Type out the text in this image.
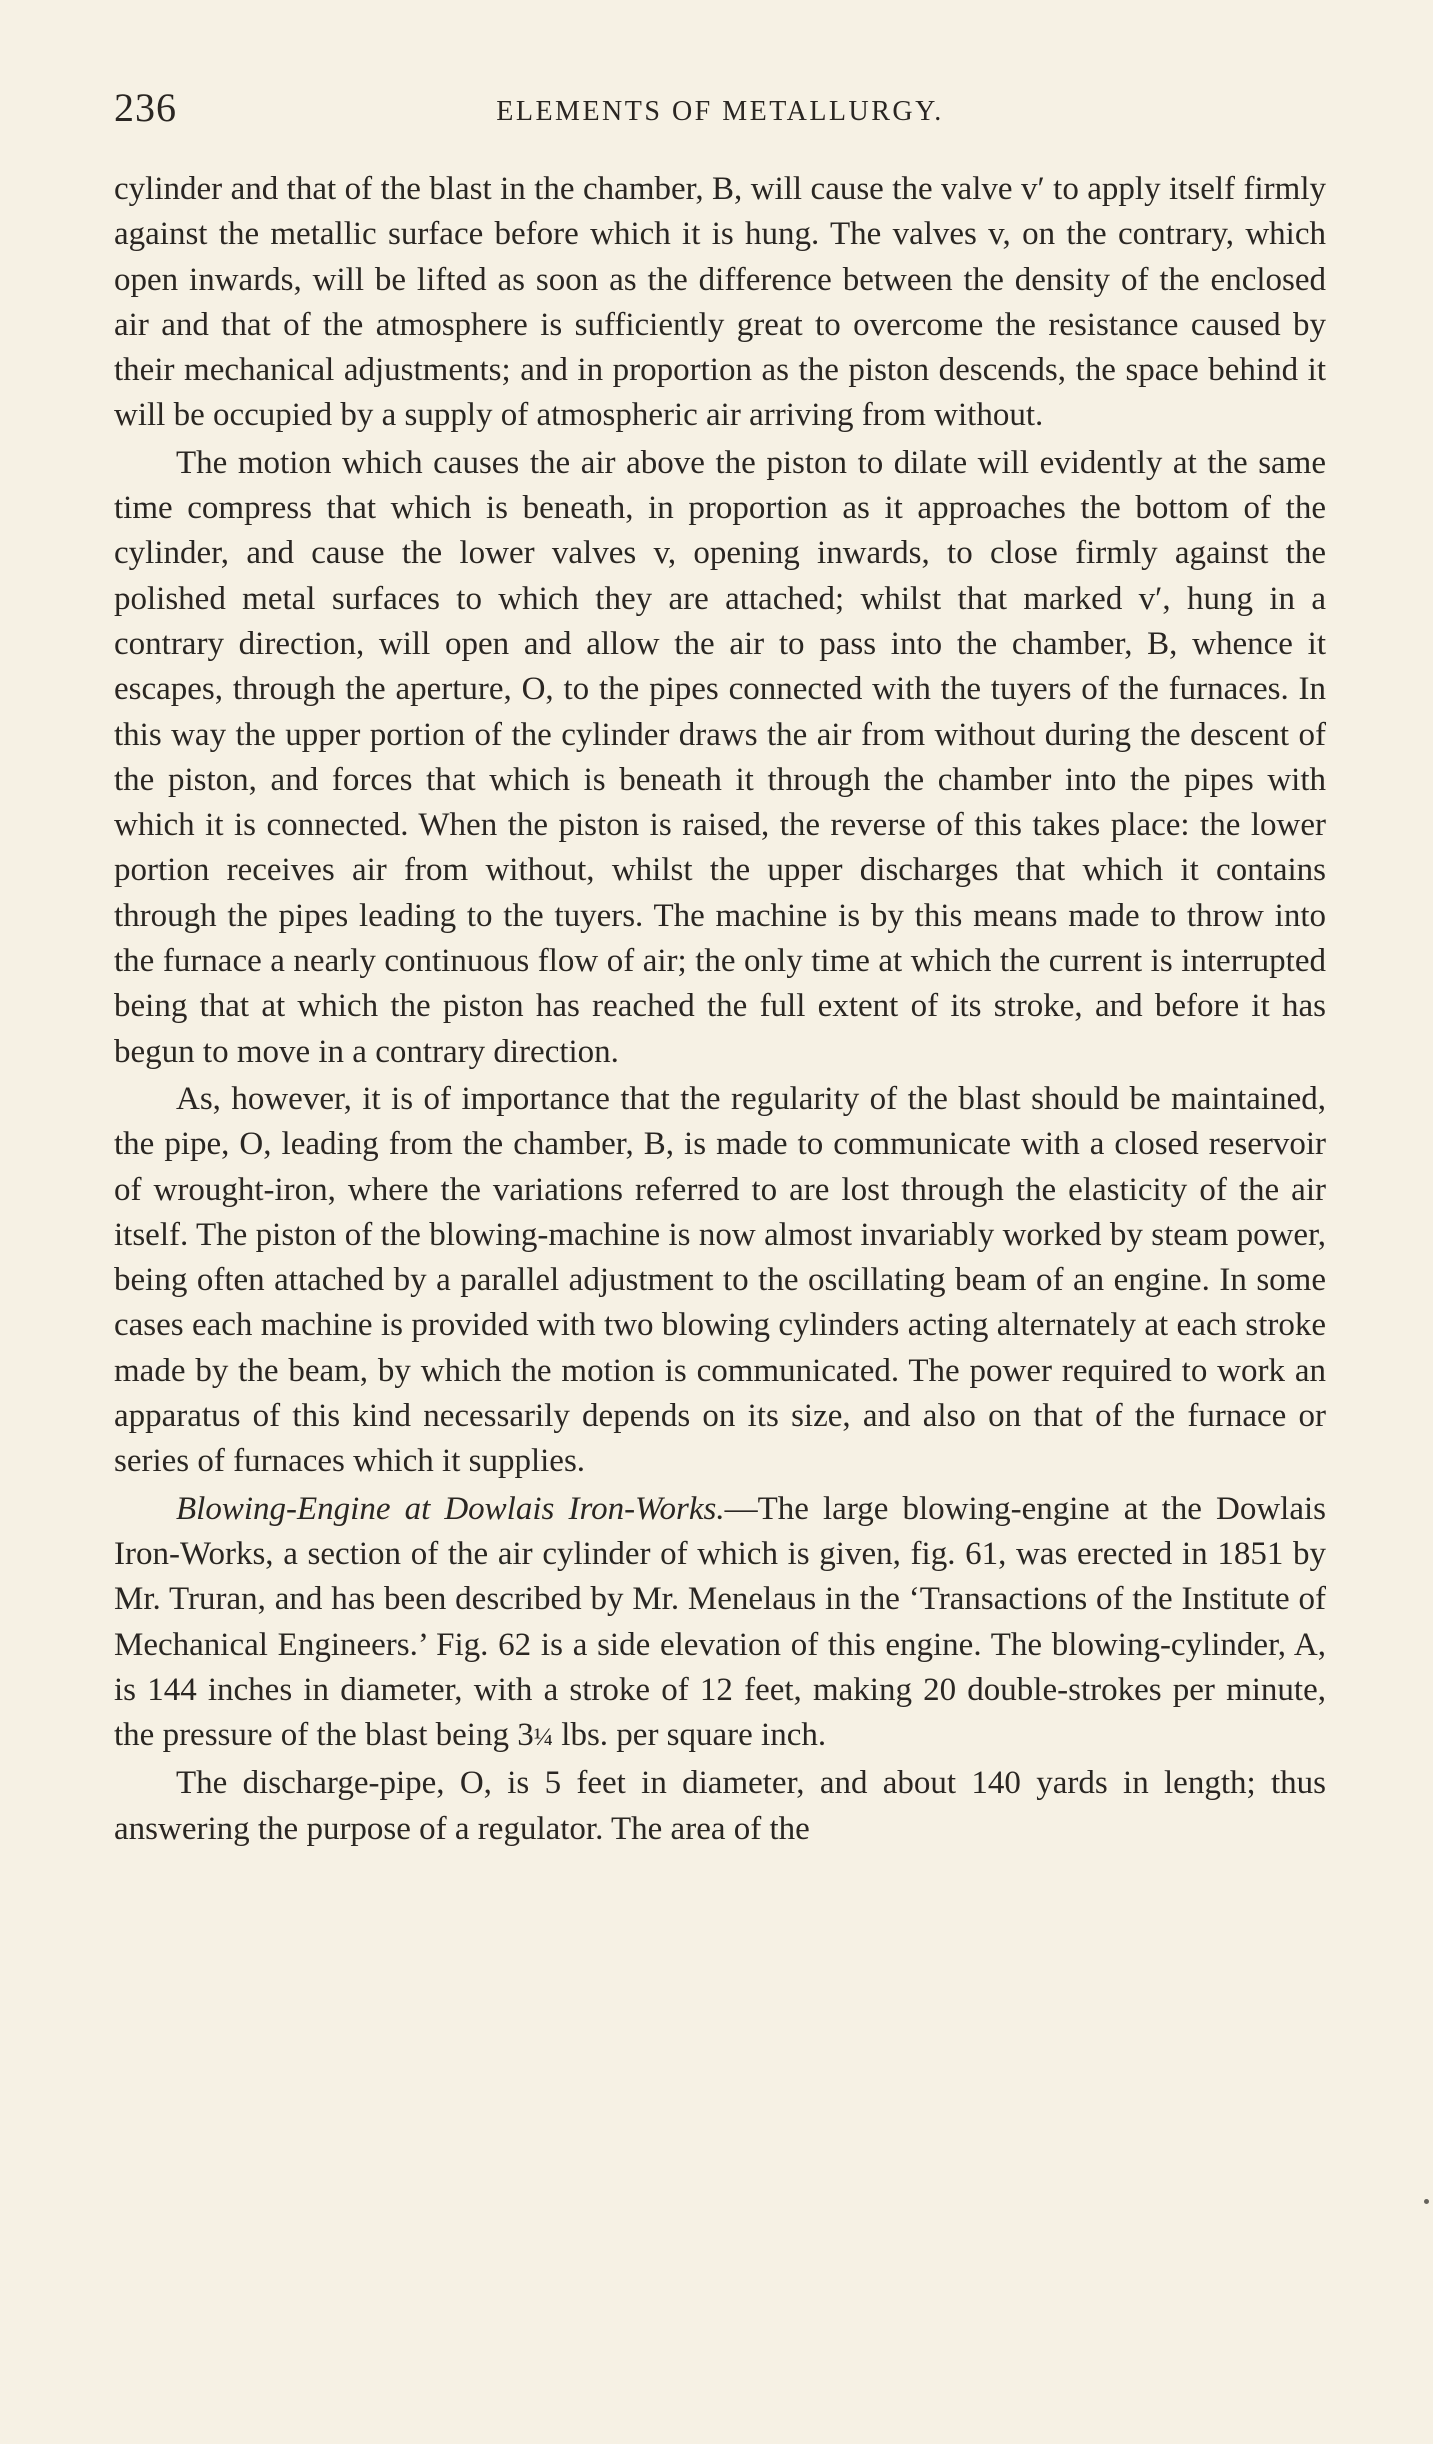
236	ELEMENTS OF METALLURGY.

cylinder and that of the blast in the chamber, B, will cause the valve v′ to apply itself firmly against the metallic surface before which it is hung. The valves v, on the contrary, which open inwards, will be lifted as soon as the difference between the density of the enclosed air and that of the atmosphere is sufficiently great to overcome the resistance caused by their mechanical adjustments; and in proportion as the piston descends, the space behind it will be occupied by a supply of atmospheric air arriving from without.

The motion which causes the air above the piston to dilate will evidently at the same time compress that which is beneath, in proportion as it approaches the bottom of the cylinder, and cause the lower valves v, opening inwards, to close firmly against the polished metal surfaces to which they are attached; whilst that marked v′, hung in a contrary direction, will open and allow the air to pass into the chamber, B, whence it escapes, through the aperture, O, to the pipes connected with the tuyers of the furnaces. In this way the upper portion of the cylinder draws the air from without during the descent of the piston, and forces that which is beneath it through the chamber into the pipes with which it is connected. When the piston is raised, the reverse of this takes place: the lower portion receives air from without, whilst the upper discharges that which it contains through the pipes leading to the tuyers. The machine is by this means made to throw into the furnace a nearly continuous flow of air; the only time at which the current is interrupted being that at which the piston has reached the full extent of its stroke, and before it has begun to move in a contrary direction.

As, however, it is of importance that the regularity of the blast should be maintained, the pipe, O, leading from the chamber, B, is made to communicate with a closed reservoir of wrought-iron, where the variations referred to are lost through the elasticity of the air itself. The piston of the blowing-machine is now almost invariably worked by steam power, being often attached by a parallel adjustment to the oscillating beam of an engine. In some cases each machine is provided with two blowing cylinders acting alternately at each stroke made by the beam, by which the motion is communicated. The power required to work an apparatus of this kind necessarily depends on its size, and also on that of the furnace or series of furnaces which it supplies.

Blowing-Engine at Dowlais Iron-Works.—The large blowing-engine at the Dowlais Iron-Works, a section of the air cylinder of which is given, fig. 61, was erected in 1851 by Mr. Truran, and has been described by Mr. Menelaus in the ‘Transactions of the Institute of Mechanical Engineers.’ Fig. 62 is a side elevation of this engine. The blowing-cylinder, A, is 144 inches in diameter, with a stroke of 12 feet, making 20 double-strokes per minute, the pressure of the blast being 3¼ lbs. per square inch.

The discharge-pipe, O, is 5 feet in diameter, and about 140 yards in length; thus answering the purpose of a regulator. The area of the
